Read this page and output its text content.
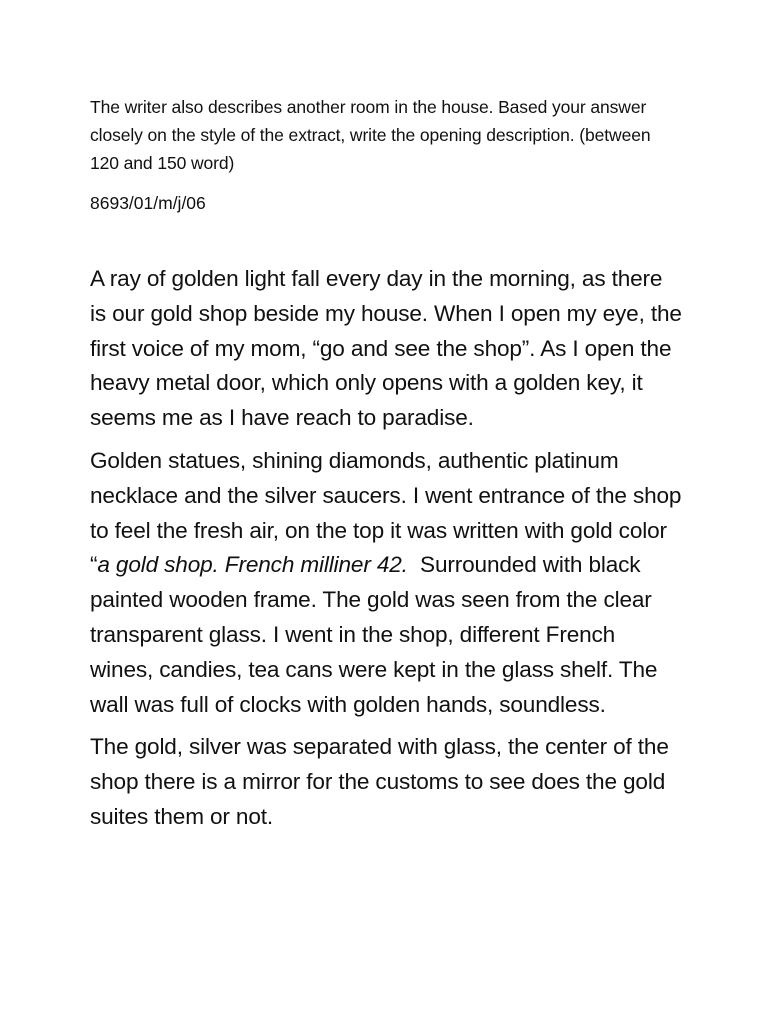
The writer also describes another room in the house. Based your answer closely on the style of the extract, write the opening description. (between 120 and 150 word)

8693/01/m/j/06

A ray of golden light fall every day in the morning, as there is our gold shop beside my house. When I open my eye, the first voice of my mom, “go and see the shop”. As I open the heavy metal door, which only opens with a golden key, it seems me as I have reach to paradise.

Golden statues, shining diamonds, authentic platinum necklace and the silver saucers. I went entrance of the shop to feel the fresh air, on the top it was written with gold color “a gold shop. French milliner 42.  Surrounded with black painted wooden frame. The gold was seen from the clear transparent glass. I went in the shop, different French wines, candies, tea cans were kept in the glass shelf. The wall was full of clocks with golden hands, soundless.

The gold, silver was separated with glass, the center of the shop there is a mirror for the customs to see does the gold suites them or not.
